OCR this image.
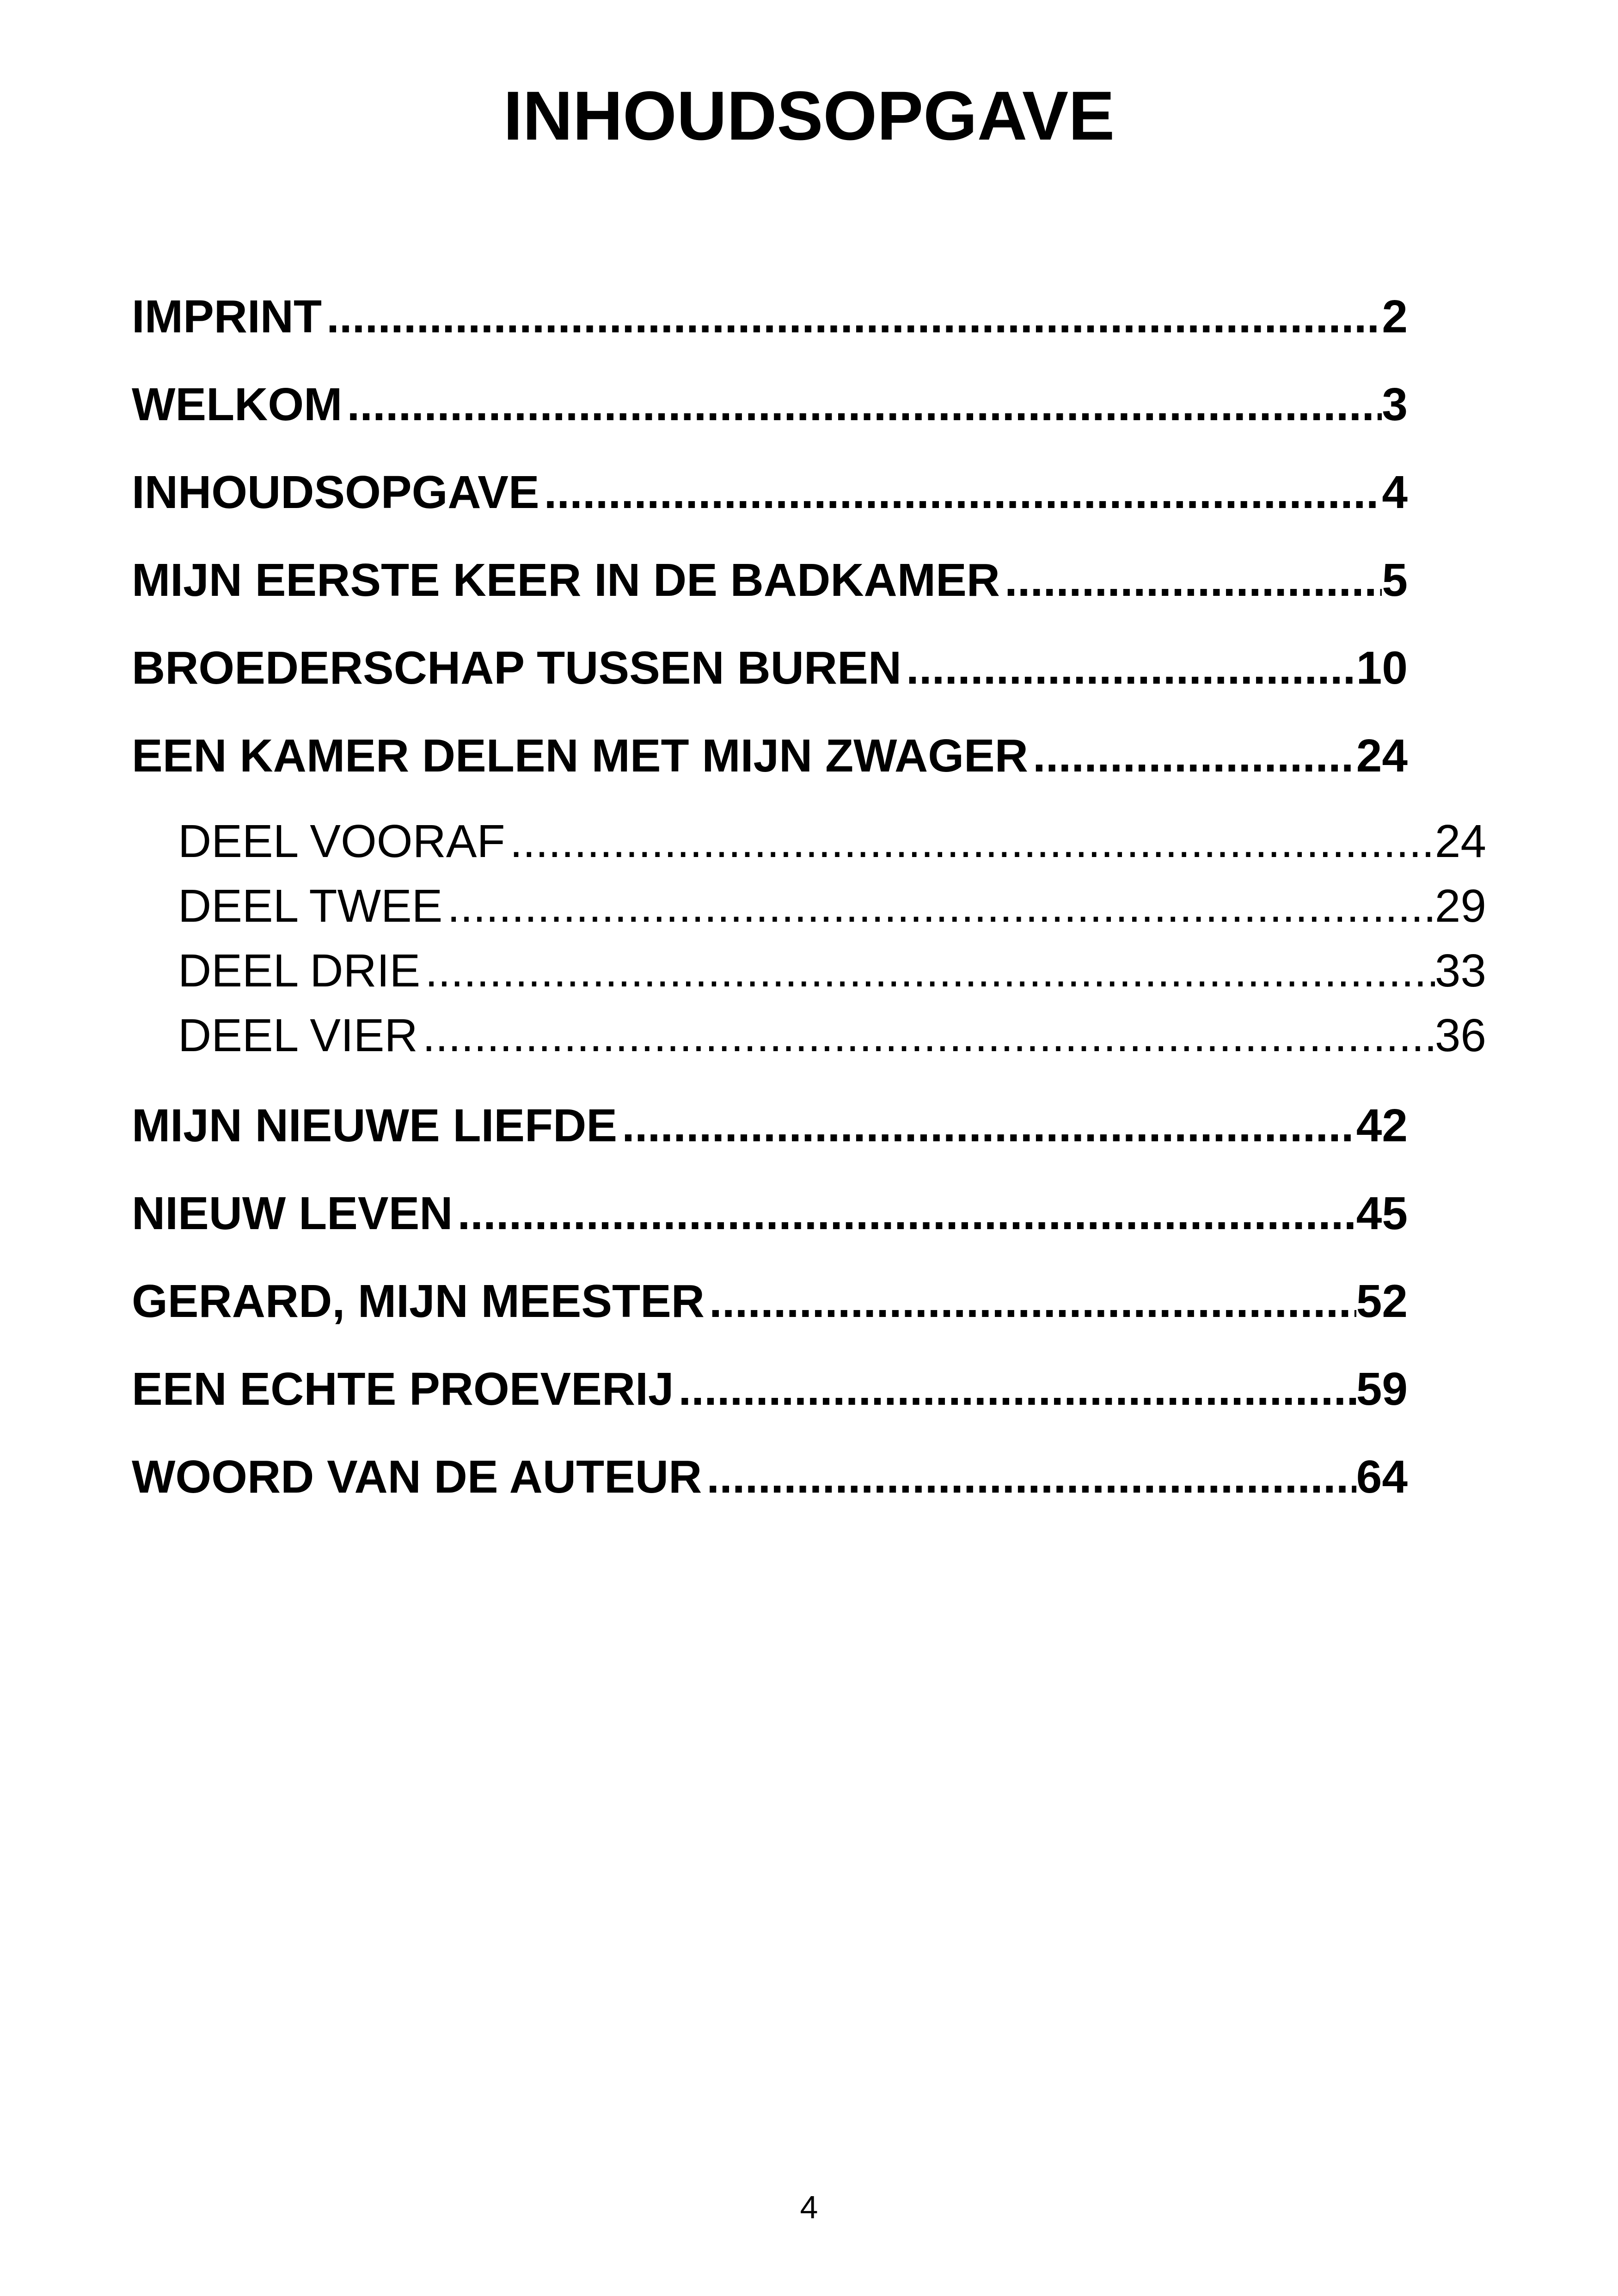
INHOUDSOPGAVE
IMPRINT .....	2
WELKOM .....	3
INHOUDSOPGAVE .....	4
MIJN EERSTE KEER IN DE BADKAMER .....	5
BROEDERSCHAP TUSSEN BUREN .....	10
EEN KAMER DELEN MET MIJN ZWAGER .....	24
DEEL VOORAF .....	24
DEEL TWEE .....	29
DEEL DRIE .....	33
DEEL VIER .....	36
MIJN NIEUWE LIEFDE .....	42
NIEUW LEVEN .....	45
GERARD, MIJN MEESTER .....	52
EEN ECHTE PROEVERIJ .....	59
WOORD VAN DE AUTEUR .....	64
4
